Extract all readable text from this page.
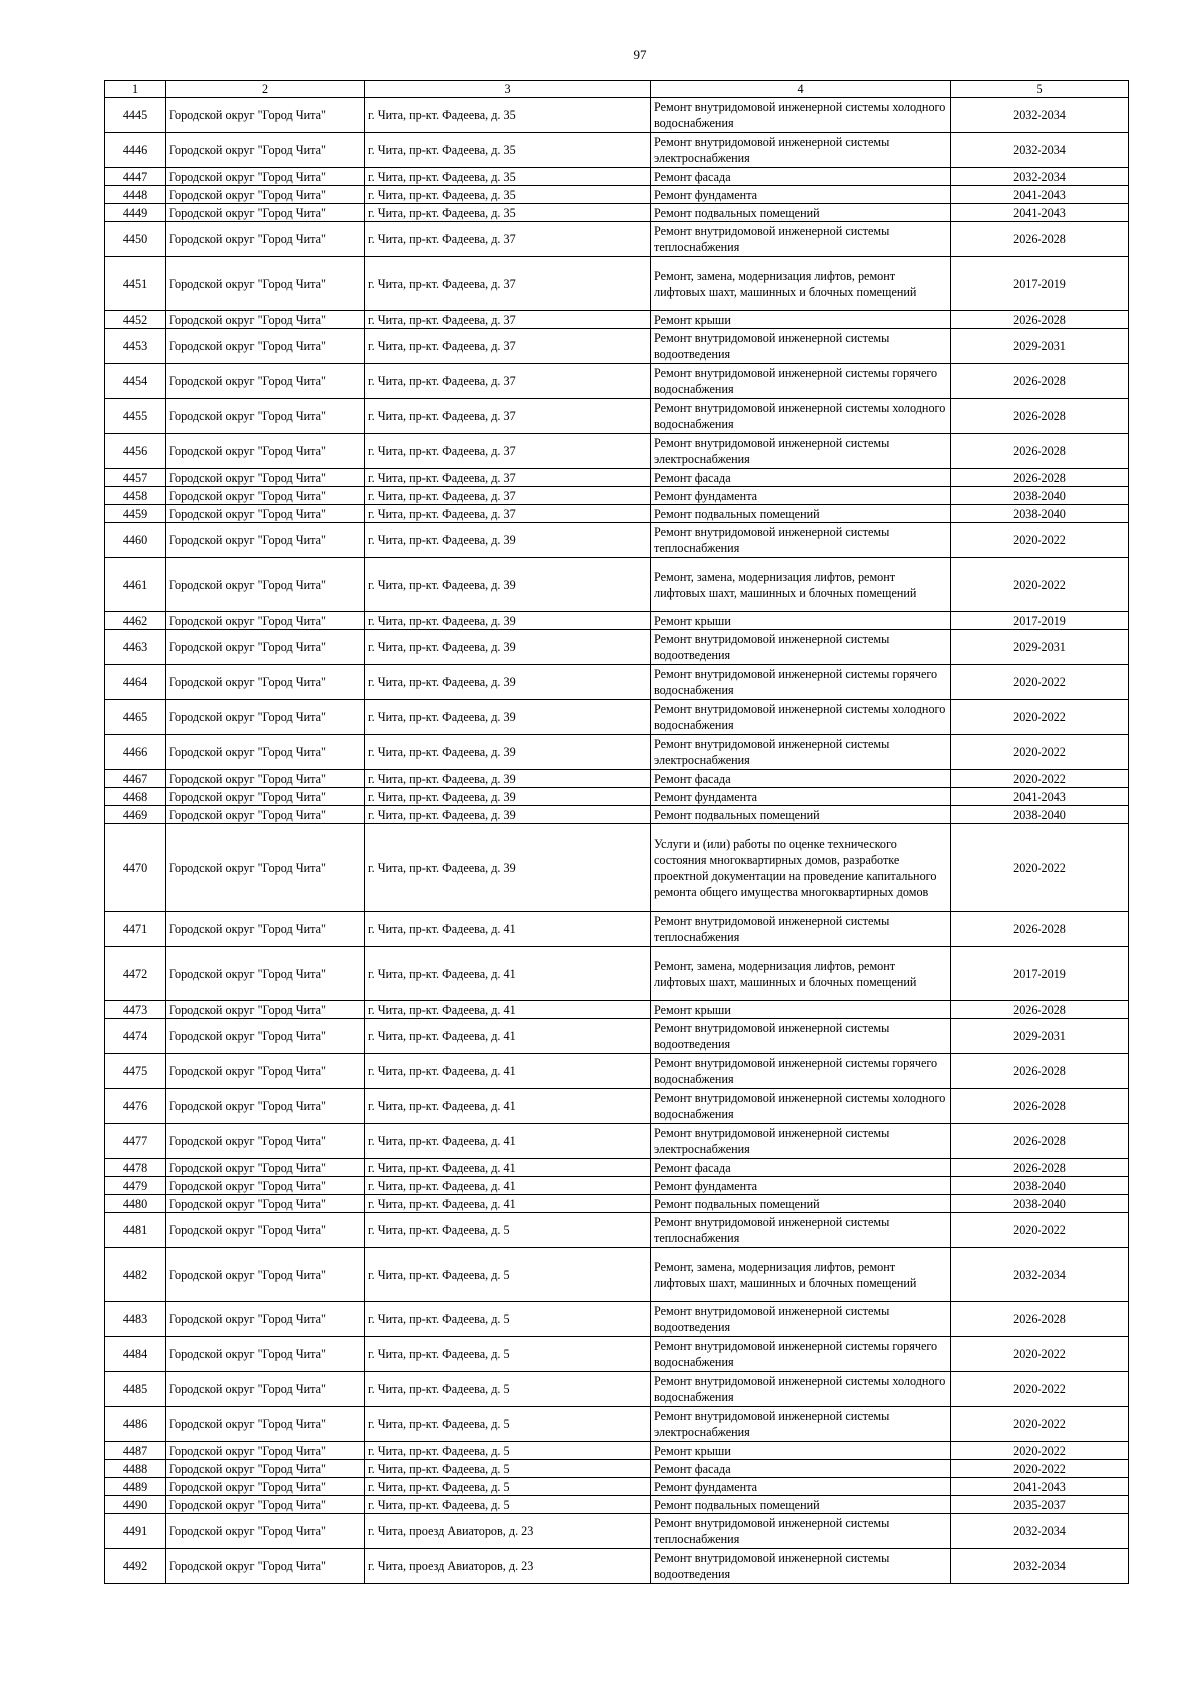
97
1	2	3	4	5
4445	Городской округ "Город Чита"	г. Чита, пр-кт. Фадеева, д. 35	Ремонт внутридомовой инженерной системы холодного водоснабжения	2032-2034
4446	Городской округ "Город Чита"	г. Чита, пр-кт. Фадеева, д. 35	Ремонт внутридомовой инженерной системы электроснабжения	2032-2034
4447	Городской округ "Город Чита"	г. Чита, пр-кт. Фадеева, д. 35	Ремонт фасада	2032-2034
4448	Городской округ "Город Чита"	г. Чита, пр-кт. Фадеева, д. 35	Ремонт фундамента	2041-2043
4449	Городской округ "Город Чита"	г. Чита, пр-кт. Фадеева, д. 35	Ремонт подвальных помещений	2041-2043
4450	Городской округ "Город Чита"	г. Чита, пр-кт. Фадеева, д. 37	Ремонт внутридомовой инженерной системы теплоснабжения	2026-2028
4451	Городской округ "Город Чита"	г. Чита, пр-кт. Фадеева, д. 37	Ремонт, замена, модернизация лифтов, ремонт лифтовых шахт, машинных и блочных помещений	2017-2019
4452	Городской округ "Город Чита"	г. Чита, пр-кт. Фадеева, д. 37	Ремонт крыши	2026-2028
4453	Городской округ "Город Чита"	г. Чита, пр-кт. Фадеева, д. 37	Ремонт внутридомовой инженерной системы водоотведения	2029-2031
4454	Городской округ "Город Чита"	г. Чита, пр-кт. Фадеева, д. 37	Ремонт внутридомовой инженерной системы горячего водоснабжения	2026-2028
4455	Городской округ "Город Чита"	г. Чита, пр-кт. Фадеева, д. 37	Ремонт внутридомовой инженерной системы холодного водоснабжения	2026-2028
4456	Городской округ "Город Чита"	г. Чита, пр-кт. Фадеева, д. 37	Ремонт внутридомовой инженерной системы электроснабжения	2026-2028
4457	Городской округ "Город Чита"	г. Чита, пр-кт. Фадеева, д. 37	Ремонт фасада	2026-2028
4458	Городской округ "Город Чита"	г. Чита, пр-кт. Фадеева, д. 37	Ремонт фундамента	2038-2040
4459	Городской округ "Город Чита"	г. Чита, пр-кт. Фадеева, д. 37	Ремонт подвальных помещений	2038-2040
4460	Городской округ "Город Чита"	г. Чита, пр-кт. Фадеева, д. 39	Ремонт внутридомовой инженерной системы теплоснабжения	2020-2022
4461	Городской округ "Город Чита"	г. Чита, пр-кт. Фадеева, д. 39	Ремонт, замена, модернизация лифтов, ремонт лифтовых шахт, машинных и блочных помещений	2020-2022
4462	Городской округ "Город Чита"	г. Чита, пр-кт. Фадеева, д. 39	Ремонт крыши	2017-2019
4463	Городской округ "Город Чита"	г. Чита, пр-кт. Фадеева, д. 39	Ремонт внутридомовой инженерной системы водоотведения	2029-2031
4464	Городской округ "Город Чита"	г. Чита, пр-кт. Фадеева, д. 39	Ремонт внутридомовой инженерной системы горячего водоснабжения	2020-2022
4465	Городской округ "Город Чита"	г. Чита, пр-кт. Фадеева, д. 39	Ремонт внутридомовой инженерной системы холодного водоснабжения	2020-2022
4466	Городской округ "Город Чита"	г. Чита, пр-кт. Фадеева, д. 39	Ремонт внутридомовой инженерной системы электроснабжения	2020-2022
4467	Городской округ "Город Чита"	г. Чита, пр-кт. Фадеева, д. 39	Ремонт фасада	2020-2022
4468	Городской округ "Город Чита"	г. Чита, пр-кт. Фадеева, д. 39	Ремонт фундамента	2041-2043
4469	Городской округ "Город Чита"	г. Чита, пр-кт. Фадеева, д. 39	Ремонт подвальных помещений	2038-2040
4470	Городской округ "Город Чита"	г. Чита, пр-кт. Фадеева, д. 39	Услуги и (или) работы по оценке технического состояния многоквартирных домов, разработке проектной документации на проведение капитального ремонта общего имущества многоквартирных домов	2020-2022
4471	Городской округ "Город Чита"	г. Чита, пр-кт. Фадеева, д. 41	Ремонт внутридомовой инженерной системы теплоснабжения	2026-2028
4472	Городской округ "Город Чита"	г. Чита, пр-кт. Фадеева, д. 41	Ремонт, замена, модернизация лифтов, ремонт лифтовых шахт, машинных и блочных помещений	2017-2019
4473	Городской округ "Город Чита"	г. Чита, пр-кт. Фадеева, д. 41	Ремонт крыши	2026-2028
4474	Городской округ "Город Чита"	г. Чита, пр-кт. Фадеева, д. 41	Ремонт внутридомовой инженерной системы водоотведения	2029-2031
4475	Городской округ "Город Чита"	г. Чита, пр-кт. Фадеева, д. 41	Ремонт внутридомовой инженерной системы горячего водоснабжения	2026-2028
4476	Городской округ "Город Чита"	г. Чита, пр-кт. Фадеева, д. 41	Ремонт внутридомовой инженерной системы холодного водоснабжения	2026-2028
4477	Городской округ "Город Чита"	г. Чита, пр-кт. Фадеева, д. 41	Ремонт внутридомовой инженерной системы электроснабжения	2026-2028
4478	Городской округ "Город Чита"	г. Чита, пр-кт. Фадеева, д. 41	Ремонт фасада	2026-2028
4479	Городской округ "Город Чита"	г. Чита, пр-кт. Фадеева, д. 41	Ремонт фундамента	2038-2040
4480	Городской округ "Город Чита"	г. Чита, пр-кт. Фадеева, д. 41	Ремонт подвальных помещений	2038-2040
4481	Городской округ "Город Чита"	г. Чита, пр-кт. Фадеева, д. 5	Ремонт внутридомовой инженерной системы теплоснабжения	2020-2022
4482	Городской округ "Город Чита"	г. Чита, пр-кт. Фадеева, д. 5	Ремонт, замена, модернизация лифтов, ремонт лифтовых шахт, машинных и блочных помещений	2032-2034
4483	Городской округ "Город Чита"	г. Чита, пр-кт. Фадеева, д. 5	Ремонт внутридомовой инженерной системы водоотведения	2026-2028
4484	Городской округ "Город Чита"	г. Чита, пр-кт. Фадеева, д. 5	Ремонт внутридомовой инженерной системы горячего водоснабжения	2020-2022
4485	Городской округ "Город Чита"	г. Чита, пр-кт. Фадеева, д. 5	Ремонт внутридомовой инженерной системы холодного водоснабжения	2020-2022
4486	Городской округ "Город Чита"	г. Чита, пр-кт. Фадеева, д. 5	Ремонт внутридомовой инженерной системы электроснабжения	2020-2022
4487	Городской округ "Город Чита"	г. Чита, пр-кт. Фадеева, д. 5	Ремонт крыши	2020-2022
4488	Городской округ "Город Чита"	г. Чита, пр-кт. Фадеева, д. 5	Ремонт фасада	2020-2022
4489	Городской округ "Город Чита"	г. Чита, пр-кт. Фадеева, д. 5	Ремонт фундамента	2041-2043
4490	Городской округ "Город Чита"	г. Чита, пр-кт. Фадеева, д. 5	Ремонт подвальных помещений	2035-2037
4491	Городской округ "Город Чита"	г. Чита, проезд Авиаторов, д. 23	Ремонт внутридомовой инженерной системы теплоснабжения	2032-2034
4492	Городской округ "Город Чита"	г. Чита, проезд Авиаторов, д. 23	Ремонт внутридомовой инженерной системы водоотведения	2032-2034
